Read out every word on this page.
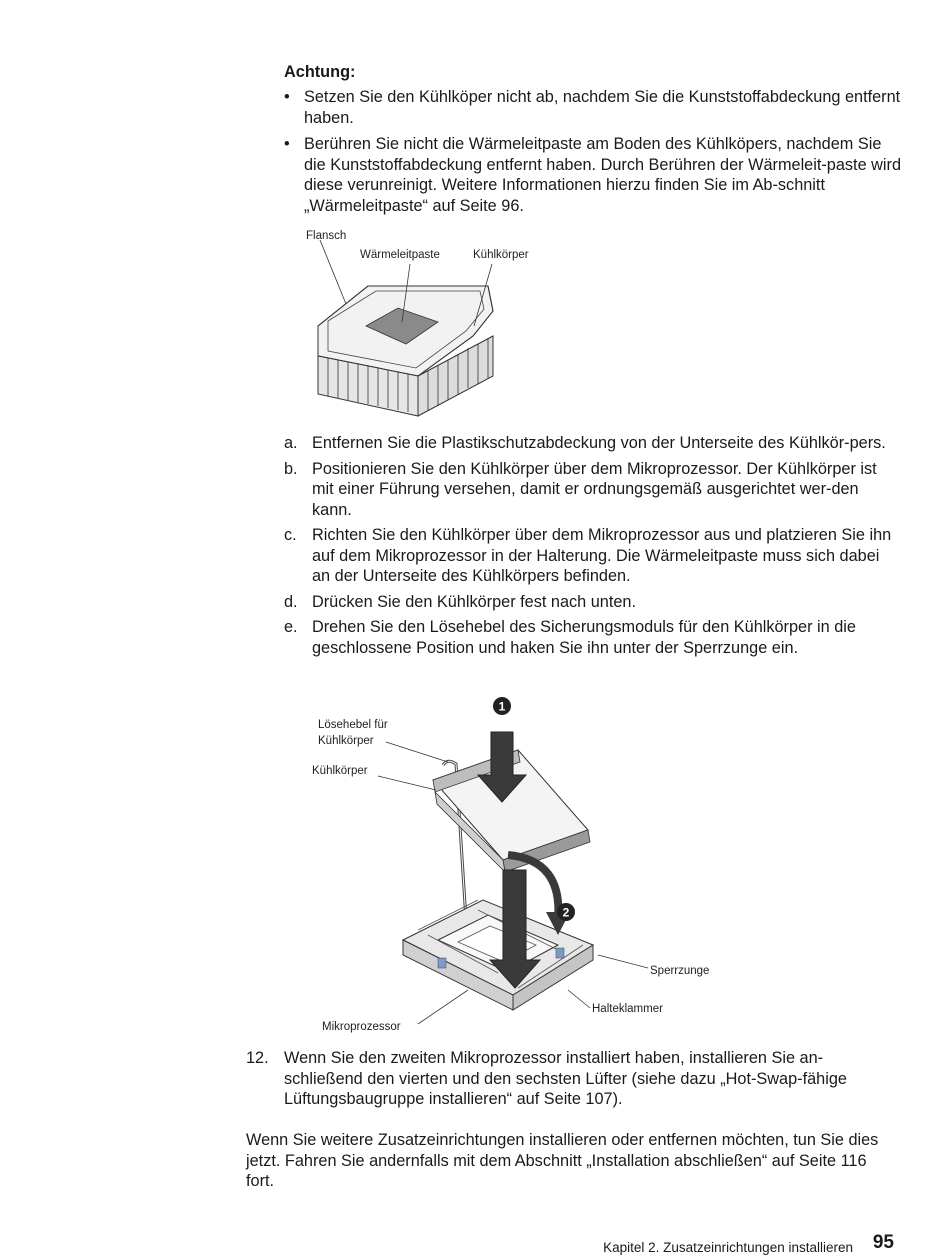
Achtung:
• Setzen Sie den Kühlköper nicht ab, nachdem Sie die Kunststoffabdeckung entfernt haben.
• Berühren Sie nicht die Wärmeleitpaste am Boden des Kühlköpers, nachdem Sie die Kunststoffabdeckung entfernt haben. Durch Berühren der Wärmeleit-paste wird diese verunreinigt. Weitere Informationen hierzu finden Sie im Ab-schnitt „Wärmeleitpaste“ auf Seite 96.
Flansch
Wärmeleitpaste	Kühlkörper
a. Entfernen Sie die Plastikschutzabdeckung von der Unterseite des Kühlkör-pers.
b. Positionieren Sie den Kühlkörper über dem Mikroprozessor. Der Kühlkörper ist mit einer Führung versehen, damit er ordnungsgemäß ausgerichtet wer-den kann.
c. Richten Sie den Kühlkörper über dem Mikroprozessor aus und platzieren Sie ihn auf dem Mikroprozessor in der Halterung. Die Wärmeleitpaste muss sich dabei an der Unterseite des Kühlkörpers befinden.
d. Drücken Sie den Kühlkörper fest nach unten.
e. Drehen Sie den Lösehebel des Sicherungsmoduls für den Kühlkörper in die geschlossene Position und haken Sie ihn unter der Sperrzunge ein.
1
2
Lösehebel für
Kühlkörper
Kühlkörper
Sperrzunge
Halteklammer
Mikroprozessor
12. Wenn Sie den zweiten Mikroprozessor installiert haben, installieren Sie an-schließend den vierten und den sechsten Lüfter (siehe dazu „Hot-Swap-fähige Lüftungsbaugruppe installieren“ auf Seite 107).
Wenn Sie weitere Zusatzeinrichtungen installieren oder entfernen möchten, tun Sie dies jetzt. Fahren Sie andernfalls mit dem Abschnitt „Installation abschließen“ auf Seite 116 fort.
Kapitel 2. Zusatzeinrichtungen installieren 95
